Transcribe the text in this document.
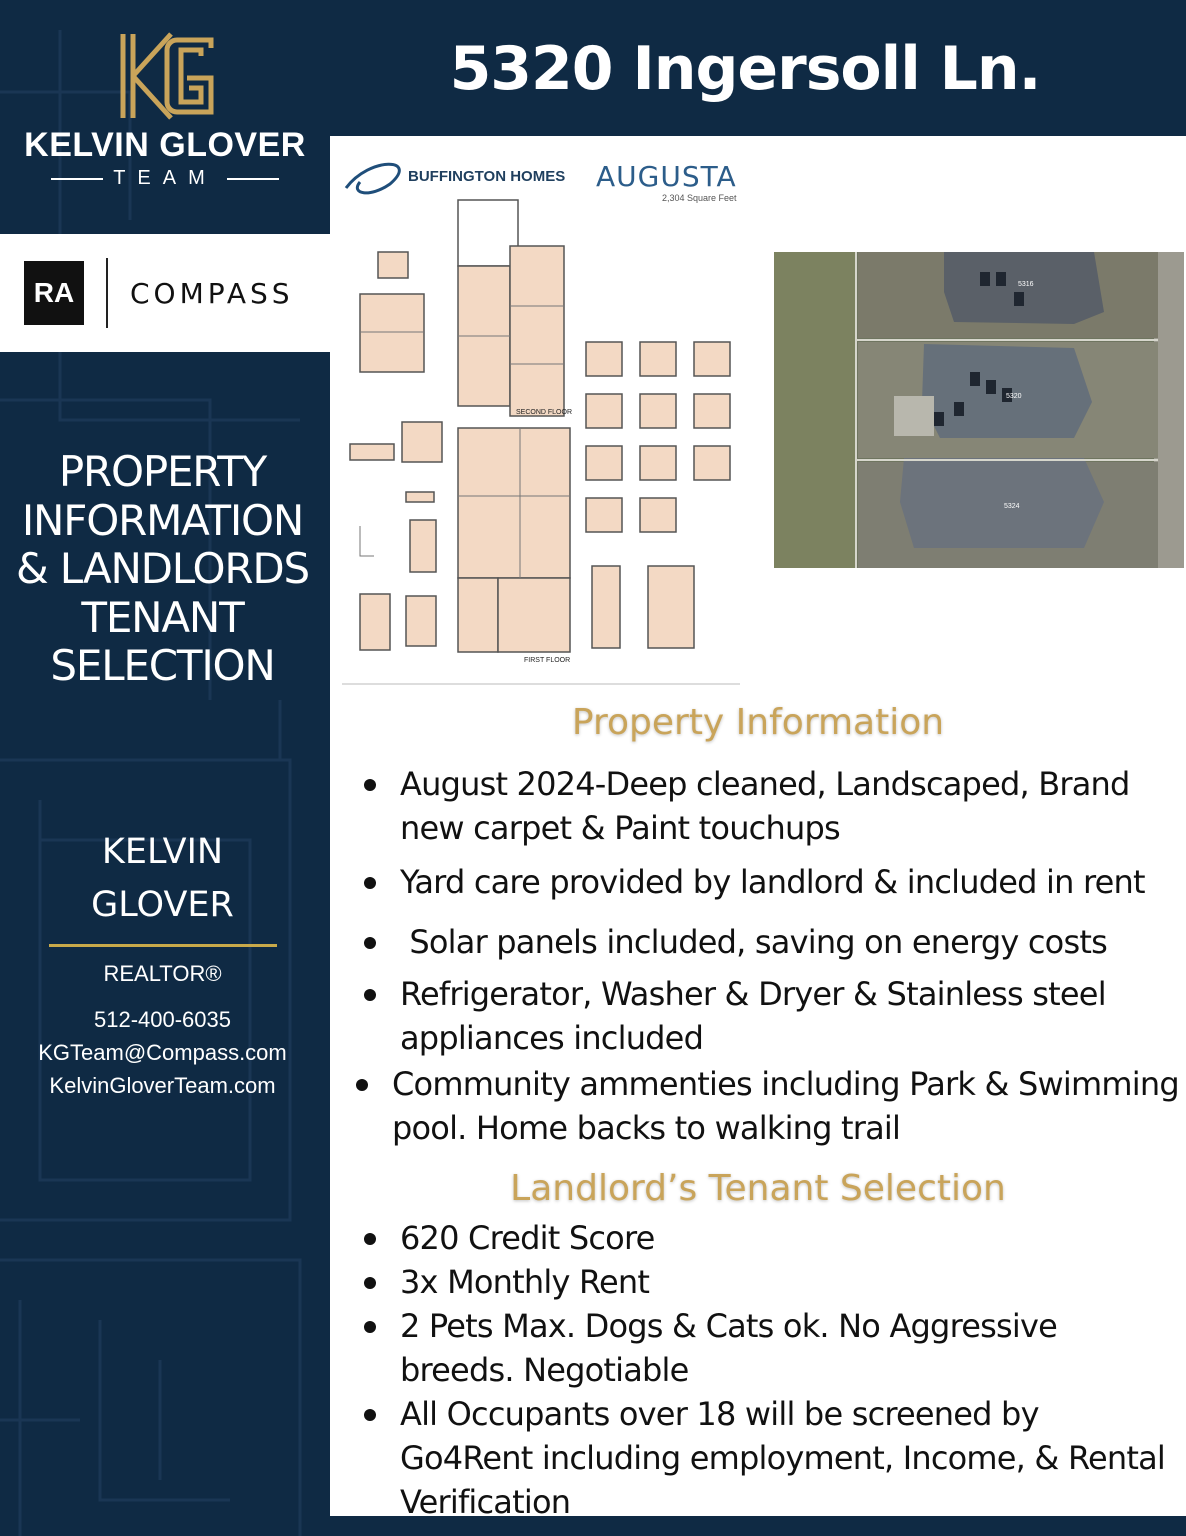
KELVIN GLOVER
TEAM
RA	COMPASS
PROPERTY
INFORMATION
& LANDLORDS
TENANT
SELECTION
KELVIN
GLOVER
REALTOR®
512-400-6035
KGTeam@Compass.com
KelvinGloverTeam.com
5320 Ingersoll Ln.
BUFFINGTON HOMES AUGUSTA
2,304 Square Feet
SECOND FLOOR
FIRST FLOOR
5316
5320
5324
Property Information
August 2024-Deep cleaned, Landscaped, Brand
new carpet & Paint touchups
Yard care provided by landlord & included in rent
Solar panels included, saving on energy costs
Refrigerator, Washer & Dryer & Stainless steel
appliances included
Community ammenties including Park & Swimming
pool. Home backs to walking trail
Landlord’s Tenant Selection
620 Credit Score
3x Monthly Rent
2 Pets Max. Dogs & Cats ok. No Aggressive
breeds. Negotiable
All Occupants over 18 will be screened by
Go4Rent including employment, Income, & Rental
Verification
